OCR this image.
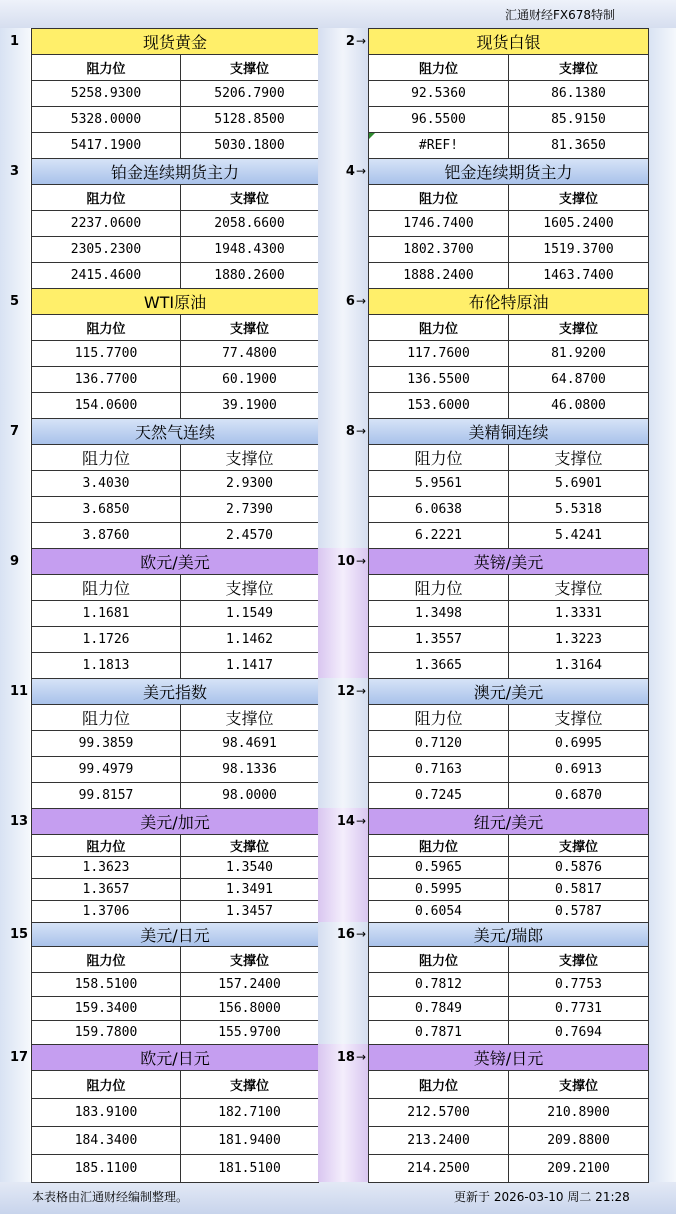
汇通财经FX678特制
本表格由汇通财经编制整理。	更新于 2026-03-10 周二 21:28
1	现货黄金
阻力位	支撑位
5258.9300	5206.7900
5328.0000	5128.8500
5417.1900	5030.1800
2 →	现货白银
阻力位	支撑位
92.5360	86.1380
96.5500	85.9150
#REF!	81.3650
3	铂金连续期货主力
阻力位	支撑位
2237.0600	2058.6600
2305.2300	1948.4300
2415.4600	1880.2600
4 →	钯金连续期货主力
阻力位	支撑位
1746.7400	1605.2400
1802.3700	1519.3700
1888.2400	1463.7400
5	WTI原油
阻力位	支撑位
115.7700	77.4800
136.7700	60.1900
154.0600	39.1900
6 →	布伦特原油
阻力位	支撑位
117.7600	81.9200
136.5500	64.8700
153.6000	46.0800
7	天然气连续
阻力位	支撑位
3.4030	2.9300
3.6850	2.7390
3.8760	2.4570
8 →	美精铜连续
阻力位	支撑位
5.9561	5.6901
6.0638	5.5318
6.2221	5.4241
9	欧元/美元
阻力位	支撑位
1.1681	1.1549
1.1726	1.1462
1.1813	1.1417
10 →	英镑/美元
阻力位	支撑位
1.3498	1.3331
1.3557	1.3223
1.3665	1.3164
11	美元指数
阻力位	支撑位
99.3859	98.4691
99.4979	98.1336
99.8157	98.0000
12 →	澳元/美元
阻力位	支撑位
0.7120	0.6995
0.7163	0.6913
0.7245	0.6870
13	美元/加元
阻力位	支撑位
1.3623	1.3540
1.3657	1.3491
1.3706	1.3457
14 →	纽元/美元
阻力位	支撑位
0.5965	0.5876
0.5995	0.5817
0.6054	0.5787
15	美元/日元
阻力位	支撑位
158.5100	157.2400
159.3400	156.8000
159.7800	155.9700
16 →	美元/瑞郎
阻力位	支撑位
0.7812	0.7753
0.7849	0.7731
0.7871	0.7694
17	欧元/日元
阻力位	支撑位
183.9100	182.7100
184.3400	181.9400
185.1100	181.5100
18 →	英镑/日元
阻力位	支撑位
212.5700	210.8900
213.2400	209.8800
214.2500	209.2100
